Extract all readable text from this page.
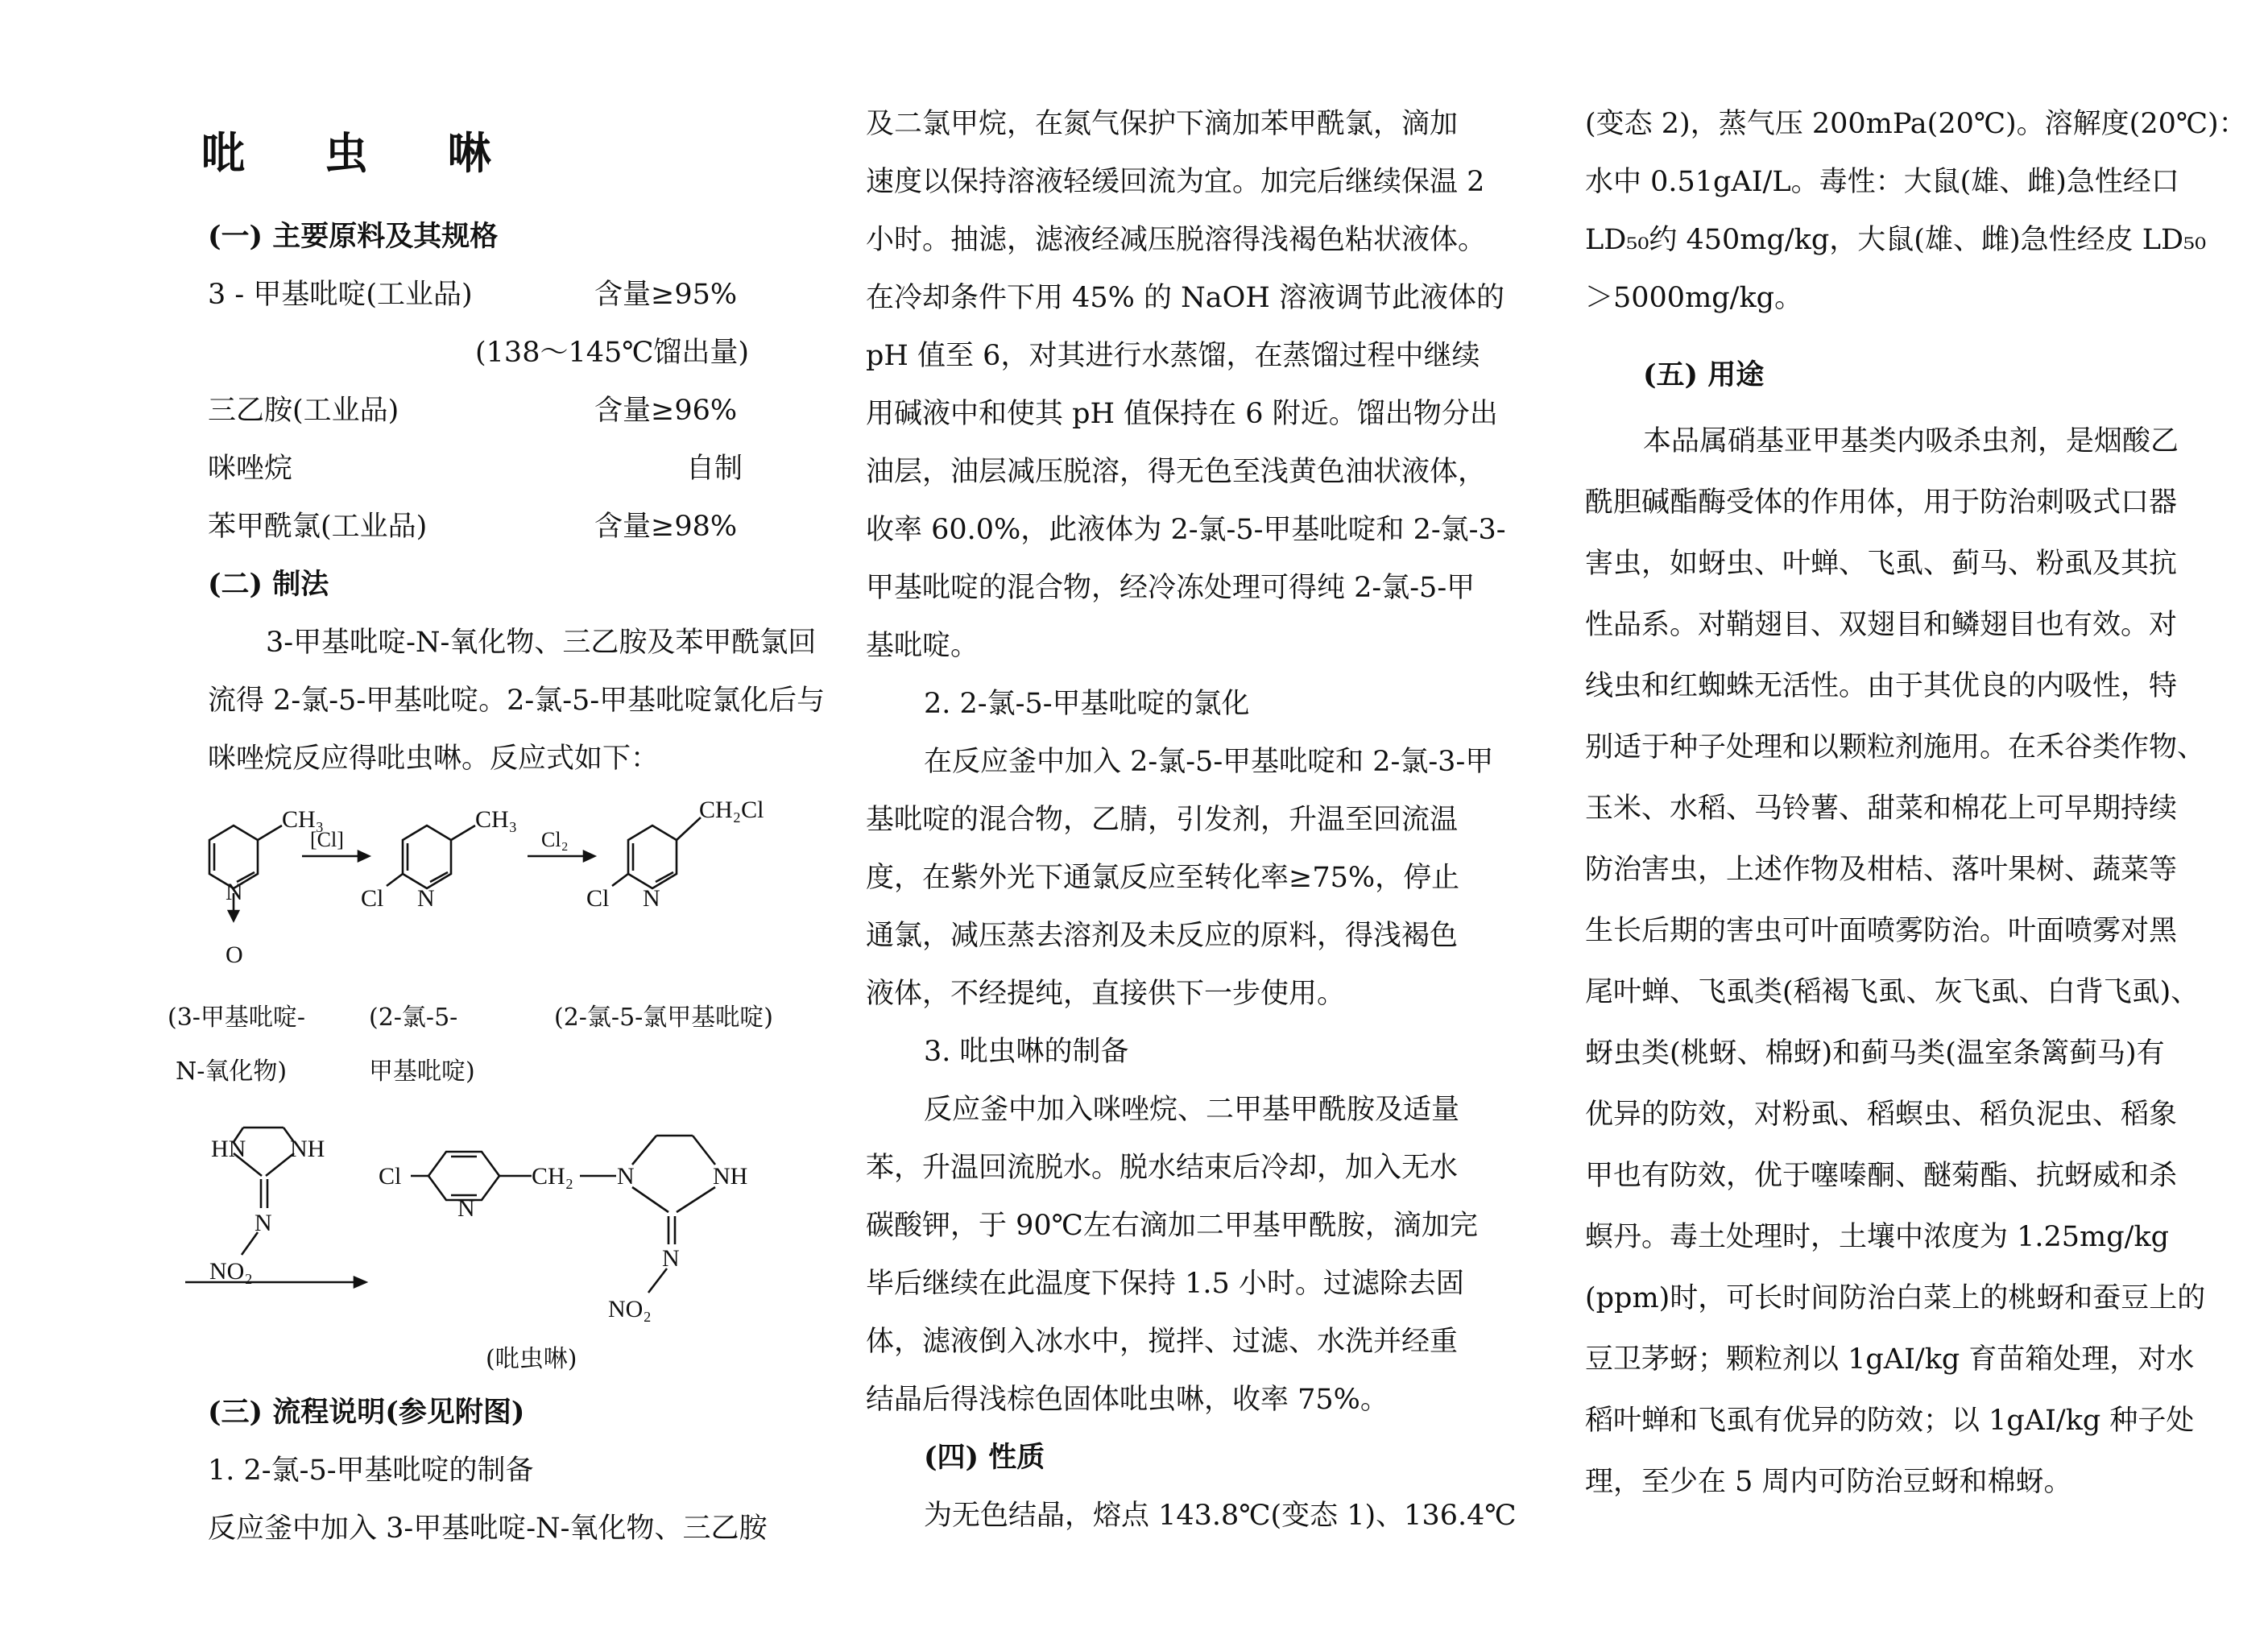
吡 虫 啉
(一) 主要原料及其规格
3 - 甲基吡啶(工业品)	含量≥95%
(138～145℃馏出量)
三乙胺(工业品)	含量≥96%
咪唑烷	自制
苯甲酰氯(工业品)	含量≥98%
(二) 制法
3-甲基吡啶-N-氧化物、三乙胺及苯甲酰氯回
流得 2-氯-5-甲基吡啶。2-氯-5-甲基吡啶氯化后与
咪唑烷反应得吡虫啉。反应式如下：
CH₃
N
O
[Cl]
CH₃
Cl N
Cl₂
CH₂Cl
Cl N
(3-甲基吡啶-
N-氧化物)
(2-氯-5-
甲基吡啶)
(2-氯-5-氯甲基吡啶)
HN NH
N
NO₂
Cl
N
CH₂ N	NH
N
NO₂
(吡虫啉)
(三) 流程说明(参见附图)
1. 2-氯-5-甲基吡啶的制备
反应釜中加入 3-甲基吡啶-N-氧化物、三乙胺
及二氯甲烷，在氮气保护下滴加苯甲酰氯，滴加
速度以保持溶液轻缓回流为宜。加完后继续保温 2
小时。抽滤，滤液经减压脱溶得浅褐色粘状液体。
在冷却条件下用 45% 的 NaOH 溶液调节此液体的
pH 值至 6，对其进行水蒸馏，在蒸馏过程中继续
用碱液中和使其 pH 值保持在 6 附近。馏出物分出
油层，油层减压脱溶，得无色至浅黄色油状液体，
收率 60.0%，此液体为 2-氯-5-甲基吡啶和 2-氯-3-
甲基吡啶的混合物，经冷冻处理可得纯 2-氯-5-甲
基吡啶。
2. 2-氯-5-甲基吡啶的氯化
在反应釜中加入 2-氯-5-甲基吡啶和 2-氯-3-甲
基吡啶的混合物，乙腈，引发剂，升温至回流温
度，在紫外光下通氯反应至转化率≥75%，停止
通氯，减压蒸去溶剂及未反应的原料，得浅褐色
液体，不经提纯，直接供下一步使用。
3. 吡虫啉的制备
反应釜中加入咪唑烷、二甲基甲酰胺及适量
苯，升温回流脱水。脱水结束后冷却，加入无水
碳酸钾，于 90℃左右滴加二甲基甲酰胺，滴加完
毕后继续在此温度下保持 1.5 小时。过滤除去固
体，滤液倒入冰水中，搅拌、过滤、水洗并经重
结晶后得浅棕色固体吡虫啉，收率 75%。
(四) 性质
为无色结晶，熔点 143.8℃(变态 1)、136.4℃
(变态 2)，蒸气压 200mPa(20℃)。溶解度(20℃)：
水中 0.51gAI/L。毒性：大鼠(雄、雌)急性经口
LD₅₀约 450mg/kg，大鼠(雄、雌)急性经皮 LD₅₀
＞5000mg/kg。
(五) 用途
本品属硝基亚甲基类内吸杀虫剂，是烟酸乙
酰胆碱酯酶受体的作用体，用于防治刺吸式口器
害虫，如蚜虫、叶蝉、飞虱、蓟马、粉虱及其抗
性品系。对鞘翅目、双翅目和鳞翅目也有效。对
线虫和红蜘蛛无活性。由于其优良的内吸性，特
别适于种子处理和以颗粒剂施用。在禾谷类作物、
玉米、水稻、马铃薯、甜菜和棉花上可早期持续
防治害虫，上述作物及柑桔、落叶果树、蔬菜等
生长后期的害虫可叶面喷雾防治。叶面喷雾对黑
尾叶蝉、飞虱类(稻褐飞虱、灰飞虱、白背飞虱)、
蚜虫类(桃蚜、棉蚜)和蓟马类(温室条篱蓟马)有
优异的防效，对粉虱、稻螟虫、稻负泥虫、稻象
甲也有防效，优于噻嗪酮、醚菊酯、抗蚜威和杀
螟丹。毒土处理时，土壤中浓度为 1.25mg/kg
(ppm)时，可长时间防治白菜上的桃蚜和蚕豆上的
豆卫茅蚜；颗粒剂以 1gAI/kg 育苗箱处理，对水
稻叶蝉和飞虱有优异的防效；以 1gAI/kg 种子处
理，至少在 5 周内可防治豆蚜和棉蚜。
